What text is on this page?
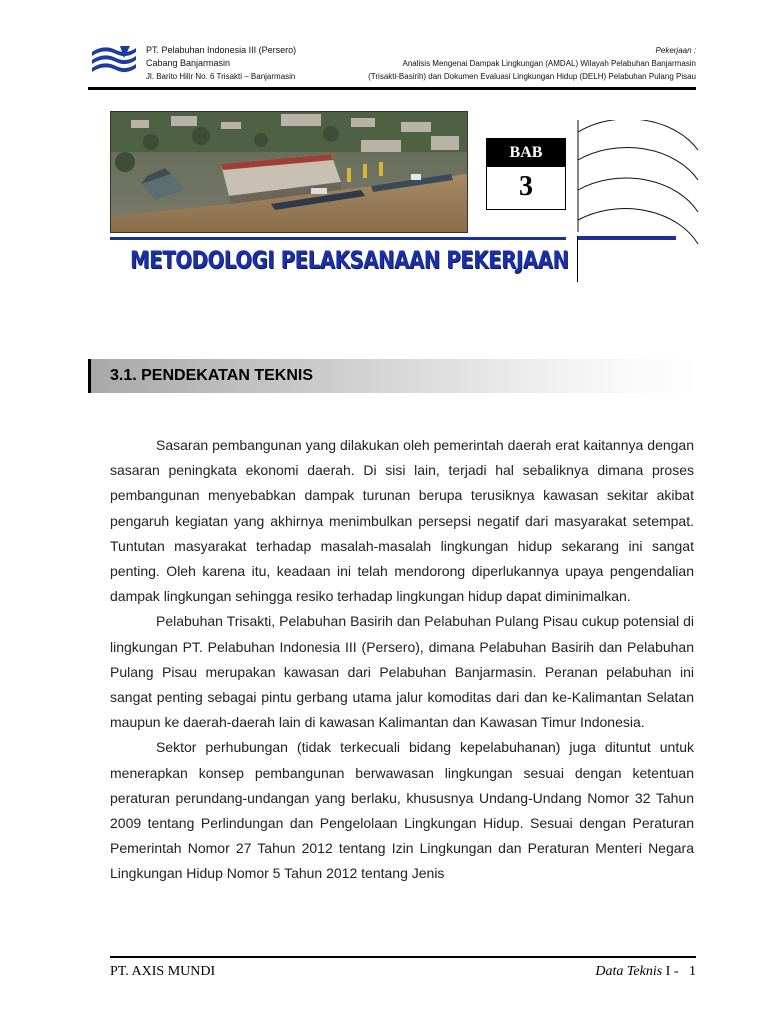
PT. Pelabuhan Indonesia III (Persero)
Cabang Banjarmasin
Jl. Barito Hilir No. 6 Trisakti – Banjarmasin
Pekerjaan :
Analisis Mengenai Dampak Lingkungan (AMDAL) Wilayah Pelabuhan Banjarmasin
(Trisakti-Basirih) dan Dokumen Evaluasi Lingkungan Hidup (DELH) Pelabuhan Pulang Pisau
BAB
3
METODOLOGI PELAKSANAAN PEKERJAAN
3.1. PENDEKATAN TEKNIS

Sasaran pembangunan yang dilakukan oleh pemerintah daerah erat kaitannya dengan sasaran peningkata ekonomi daerah. Di sisi lain, terjadi hal sebaliknya dimana proses pembangunan menyebabkan dampak turunan berupa terusiknya kawasan sekitar akibat pengaruh kegiatan yang akhirnya menimbulkan persepsi negatif dari masyarakat setempat. Tuntutan masyarakat terhadap masalah-masalah lingkungan hidup sekarang ini sangat penting. Oleh karena itu, keadaan ini telah mendorong diperlukannya upaya pengendalian dampak lingkungan sehingga resiko terhadap lingkungan hidup dapat diminimalkan.

Pelabuhan Trisakti, Pelabuhan Basirih dan Pelabuhan Pulang Pisau cukup potensial di lingkungan PT. Pelabuhan Indonesia III (Persero), dimana Pelabuhan Basirih dan Pelabuhan Pulang Pisau merupakan kawasan dari Pelabuhan Banjarmasin. Peranan pelabuhan ini sangat penting sebagai pintu gerbang utama jalur komoditas dari dan ke-Kalimantan Selatan maupun ke daerah-daerah lain di kawasan Kalimantan dan Kawasan Timur Indonesia.

Sektor perhubungan (tidak terkecuali bidang kepelabuhanan) juga dituntut untuk menerapkan konsep pembangunan berwawasan lingkungan sesuai dengan ketentuan peraturan perundang-undangan yang berlaku, khususnya Undang-Undang Nomor 32 Tahun 2009 tentang Perlindungan dan Pengelolaan Lingkungan Hidup. Sesuai dengan Peraturan Pemerintah Nomor 27 Tahun 2012 tentang Izin Lingkungan dan Peraturan Menteri Negara Lingkungan Hidup Nomor 5 Tahun 2012 tentang Jenis

PT. AXIS MUNDI	Data Teknis I - 1
